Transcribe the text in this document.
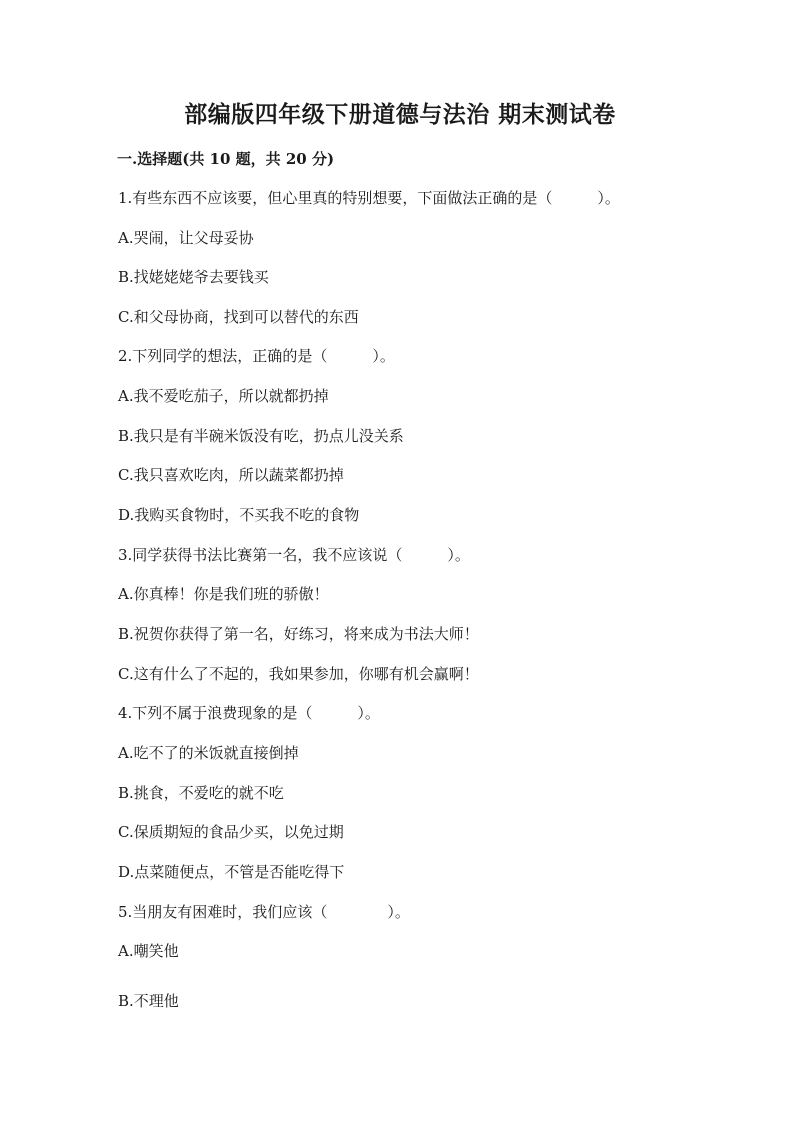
部编版四年级下册道德与法治 期末测试卷
一.选择题(共 10 题，共 20 分)
1.有些东西不应该要，但心里真的特别想要，下面做法正确的是（　　　）。
A.哭闹，让父母妥协
B.找姥姥姥爷去要钱买
C.和父母协商，找到可以替代的东西
2.下列同学的想法，正确的是（　　　）。
A.我不爱吃茄子，所以就都扔掉
B.我只是有半碗米饭没有吃，扔点儿没关系
C.我只喜欢吃肉，所以蔬菜都扔掉
D.我购买食物时，不买我不吃的食物
3.同学获得书法比赛第一名，我不应该说（　　　）。
A.你真棒！你是我们班的骄傲！
B.祝贺你获得了第一名，好练习，将来成为书法大师！
C.这有什么了不起的，我如果参加，你哪有机会赢啊！
4.下列不属于浪费现象的是（　　　）。
A.吃不了的米饭就直接倒掉
B.挑食，不爱吃的就不吃
C.保质期短的食品少买，以免过期
D.点菜随便点，不管是否能吃得下
5.当朋友有困难时，我们应该（　　　　）。
A.嘲笑他
B.不理他
